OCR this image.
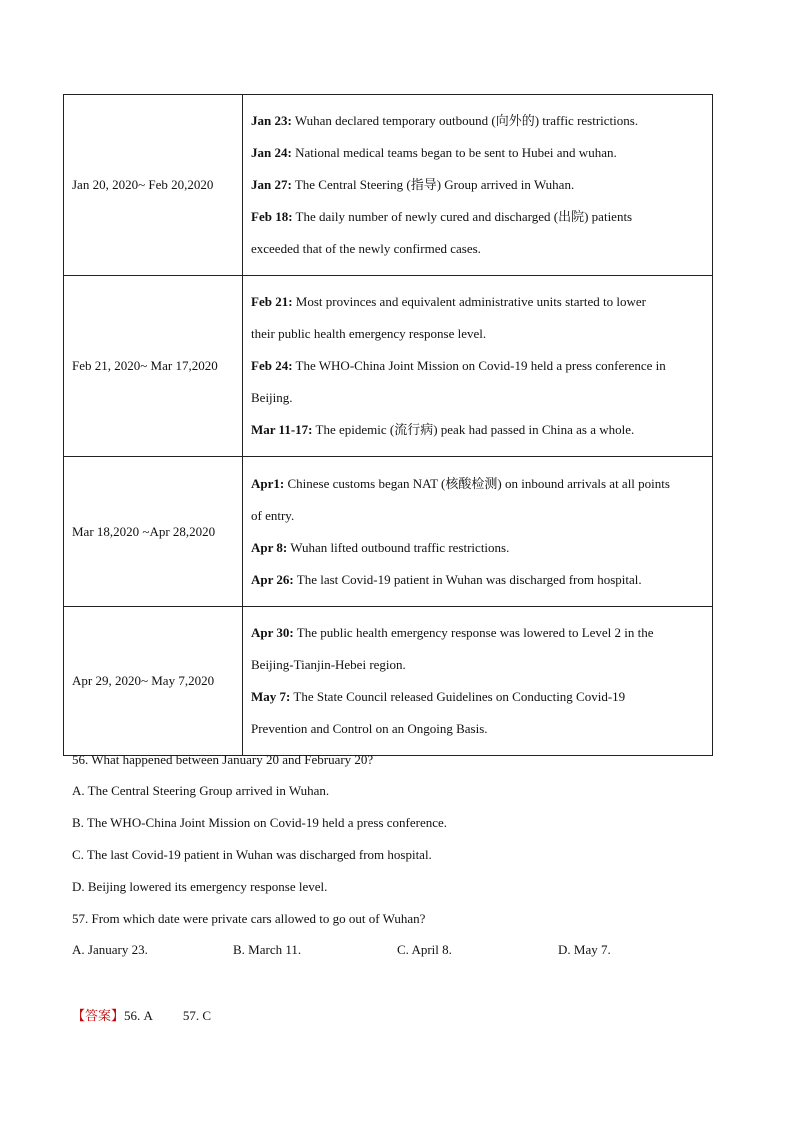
Jan 20, 2020~ Feb 20,2020	Jan 23: Wuhan declared temporary outbound (向外的) traffic restrictions.
Jan 24: National medical teams began to be sent to Hubei and wuhan.
Jan 27: The Central Steering (指导) Group arrived in Wuhan.
Feb 18: The daily number of newly cured and discharged (出院) patients
exceeded that of the newly confirmed cases.

Feb 21, 2020~ Mar 17,2020	Feb 21: Most provinces and equivalent administrative units started to lower
their public health emergency response level.
Feb 24: The WHO-China Joint Mission on Covid-19 held a press conference in
Beijing.
Mar 11-17: The epidemic (流行病) peak had passed in China as a whole.

Mar 18,2020 ~Apr 28,2020	Apr1: Chinese customs began NAT (核酸检测) on inbound arrivals at all points
of entry.
Apr 8: Wuhan lifted outbound traffic restrictions.
Apr 26: The last Covid-19 patient in Wuhan was discharged from hospital.

Apr 29, 2020~ May 7,2020	Apr 30: The public health emergency response was lowered to Level 2 in the
Beijing-Tianjin-Hebei region.
May 7: The State Council released Guidelines on Conducting Covid-19
Prevention and Control on an Ongoing Basis.
56. What happened between January 20 and February 20?
A. The Central Steering Group arrived in Wuhan.
B. The WHO-China Joint Mission on Covid-19 held a press conference.
C. The last Covid-19 patient in Wuhan was discharged from hospital.
D. Beijing lowered its emergency response level.
57. From which date were private cars allowed to go out of Wuhan?
A. January 23.	B. March 11.	C. April 8.	D. May 7.
【答案】56. A 57. C
